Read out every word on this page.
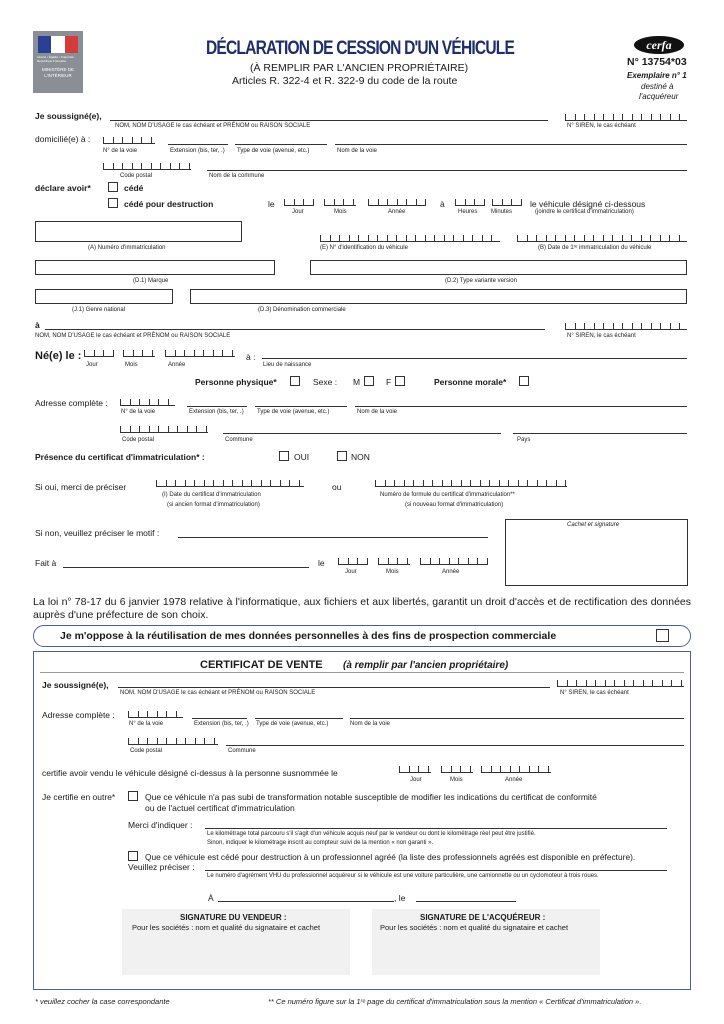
Liberté • Égalité • Fraternité République Française
MINISTÈRE DE L'INTÉRIEUR
DÉCLARATION DE CESSION D'UN VÉHICULE
(À REMPLIR PAR L'ANCIEN PROPRIÉTAIRE)
Articles R. 322-4 et R. 322-9 du code de la route
cerfa
N° 13754*03
Exemplaire n° 1
destiné à
l'acquéreur
Je soussigné(e),
NOM, NOM D'USAGE le cas échéant et PRÉNOM ou RAISON SOCIALE	N° SIREN, le cas échéant
domicilié(e) à :
N° de la voie	Extension (bis, ter, .) Type de voie (avenue, etc.)	Nom de la voie
Code postal	Nom de la commune
déclare avoir*	cédé
cédé pour destruction	le	à	le véhicule désigné ci-dessous
Jour	Mois	Année	Heures Minutes	(joindre le certificat d'immatriculation)
(A) Numéro d'immatriculation	(E) N° d'identification du véhicule	(B) Date de 1ʳᵉ immatriculation du véhicule
(D.1) Marque	(D.2) Type variante version
(J.1) Genre national	(D.3) Dénomination commerciale
à
NOM, NOM D'USAGE le cas échéant et PRÉNOM ou RAISON SOCIALE	N° SIREN, le cas échéant
Né(e) le :	à :
Jour	Mois	Année	Lieu de naissance
Personne physique*	Sexe : M	F	Personne morale*
Adresse complète :
N° de la voie	Extension (bis, ter, .) Type de voie (avenue, etc.)	Nom de la voie
Code postal	Commune	Pays
Présence du certificat d'immatriculation* :	OUI	NON
Si oui, merci de préciser	ou
(I) Date du certificat d'immatriculation
(si ancien format d'immatriculation)
Numéro de formule du certificat d'immatriculation**
(si nouveau format d'immatriculation)
Si non, veuillez préciser le motif :
Cachet et signature
Fait à	le
Jour	Mois	Année
La loi n° 78-17 du 6 janvier 1978 relative à l'informatique, aux fichiers et aux libertés, garantit un droit d'accès et de rectification des données auprès d'une préfecture de son choix.
Je m'oppose à la réutilisation de mes données personnelles à des fins de prospection commerciale
CERTIFICAT DE VENTE (à remplir par l'ancien propriétaire)
Je soussigné(e),
NOM, NOM D'USAGE le cas échéant et PRÉNOM ou RAISON SOCIALE	N° SIREN, le cas échéant
Adresse complète :
N° de la voie	Extension (bis, ter, .) Type de voie (avenue, etc.)	Nom de la voie
Code postal	Commune
certifie avoir vendu le véhicule désigné ci-dessus à la personne susnommée le
Jour	Mois	Année
Je certifie en outre*	Que ce véhicule n'a pas subi de transformation notable susceptible de modifier les indications du certificat de conformité
ou de l'actuel certificat d'immatriculation
Merci d'indiquer :
Le kilométrage total parcouru s'il s'agit d'un véhicule acquis neuf par le vendeur ou dont le kilométrage réel peut être justifié.
Sinon, indiquer le kilométrage inscrit au compteur suivi de la mention « non garanti ».
Que ce véhicule est cédé pour destruction à un professionnel agréé (la liste des professionnels agréés est disponible en préfecture).
Veuillez préciser :
Le numéro d'agrément VHU du professionnel acquéreur si le véhicule est une voiture particulière, une camionnette ou un cyclomoteur à trois roues.
À	, le
SIGNATURE DU VENDEUR :
Pour les sociétés : nom et qualité du signataire et cachet
SIGNATURE DE L'ACQUÉREUR :
Pour les sociétés : nom et qualité du signataire et cachet
* veuillez cocher la case correspondante	** Ce numéro figure sur la 1ʳᵉ page du certificat d'immatriculation sous la mention « Certificat d'immatriculation ».
